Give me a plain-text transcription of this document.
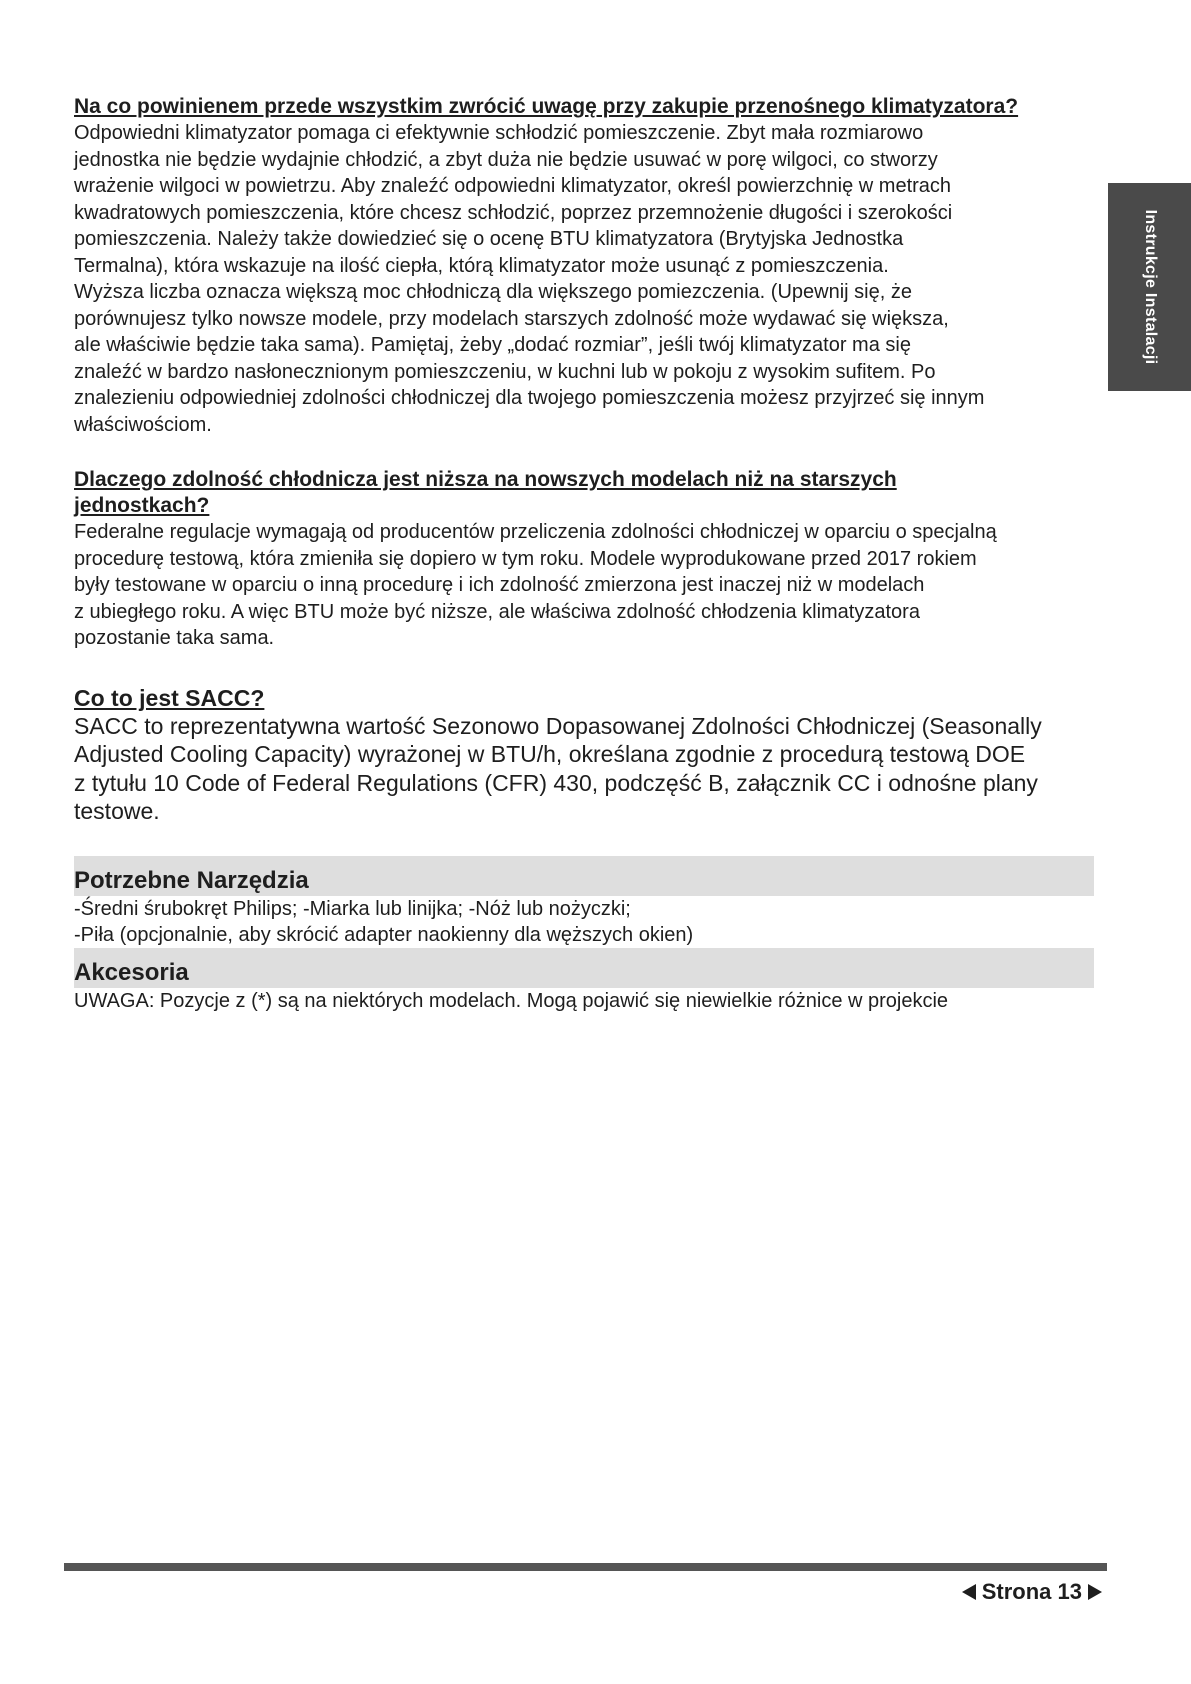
Instrukcje Instalacji

Na co powinienem przede wszystkim zwrócić uwagę przy zakupie przenośnego klimatyzatora?

Odpowiedni klimatyzator pomaga ci efektywnie schłodzić pomieszczenie. Zbyt mała rozmiarowo
jednostka nie będzie wydajnie chłodzić, a zbyt duża nie będzie usuwać w porę wilgoci, co stworzy
wrażenie wilgoci w powietrzu. Aby znaleźć odpowiedni klimatyzator, określ powierzchnię w metrach
kwadratowych pomieszczenia, które chcesz schłodzić, poprzez przemnożenie długości i szerokości
pomieszczenia. Należy także dowiedzieć się o ocenę BTU klimatyzatora (Brytyjska Jednostka
Termalna), która wskazuje na ilość ciepła, którą klimatyzator może usunąć z pomieszczenia.
Wyższa liczba oznacza większą moc chłodniczą dla większego pomiezczenia. (Upewnij się, że
porównujesz tylko nowsze modele, przy modelach starszych zdolność może wydawać się większa,
ale właściwie będzie taka sama). Pamiętaj, żeby „dodać rozmiar”, jeśli twój klimatyzator ma się
znaleźć w bardzo nasłonecznionym pomieszczeniu, w kuchni lub w pokoju z wysokim sufitem. Po
znalezieniu odpowiedniej zdolności chłodniczej dla twojego pomieszczenia możesz przyjrzeć się innym
właściwościom.

Dlaczego zdolność chłodnicza jest niższa na nowszych modelach niż na starszych
jednostkach?

Federalne regulacje wymagają od producentów przeliczenia zdolności chłodniczej w oparciu o specjalną
procedurę testową, która zmieniła się dopiero w tym roku. Modele wyprodukowane przed 2017 rokiem
były testowane w oparciu o inną procedurę i ich zdolność zmierzona jest inaczej niż w modelach
z ubiegłego roku. A więc BTU może być niższe, ale właściwa zdolność chłodzenia klimatyzatora
pozostanie taka sama.

Co to jest SACC?

SACC to reprezentatywna wartość Sezonowo Dopasowanej Zdolności Chłodniczej (Seasonally
Adjusted Cooling Capacity) wyrażonej w BTU/h, określana zgodnie z procedurą testową DOE
z tytułu 10 Code of Federal Regulations (CFR) 430, podczęść B, załącznik CC i odnośne plany
testowe.

Potrzebne Narzędzia
-Średni śrubokręt Philips; -Miarka lub linijka; -Nóż lub nożyczki;
-Piła (opcjonalnie, aby skrócić adapter naokienny dla węższych okien)
Akcesoria
UWAGA: Pozycje z (*) są na niektórych modelach. Mogą pojawić się niewielkie różnice w projekcie
Strona 13
